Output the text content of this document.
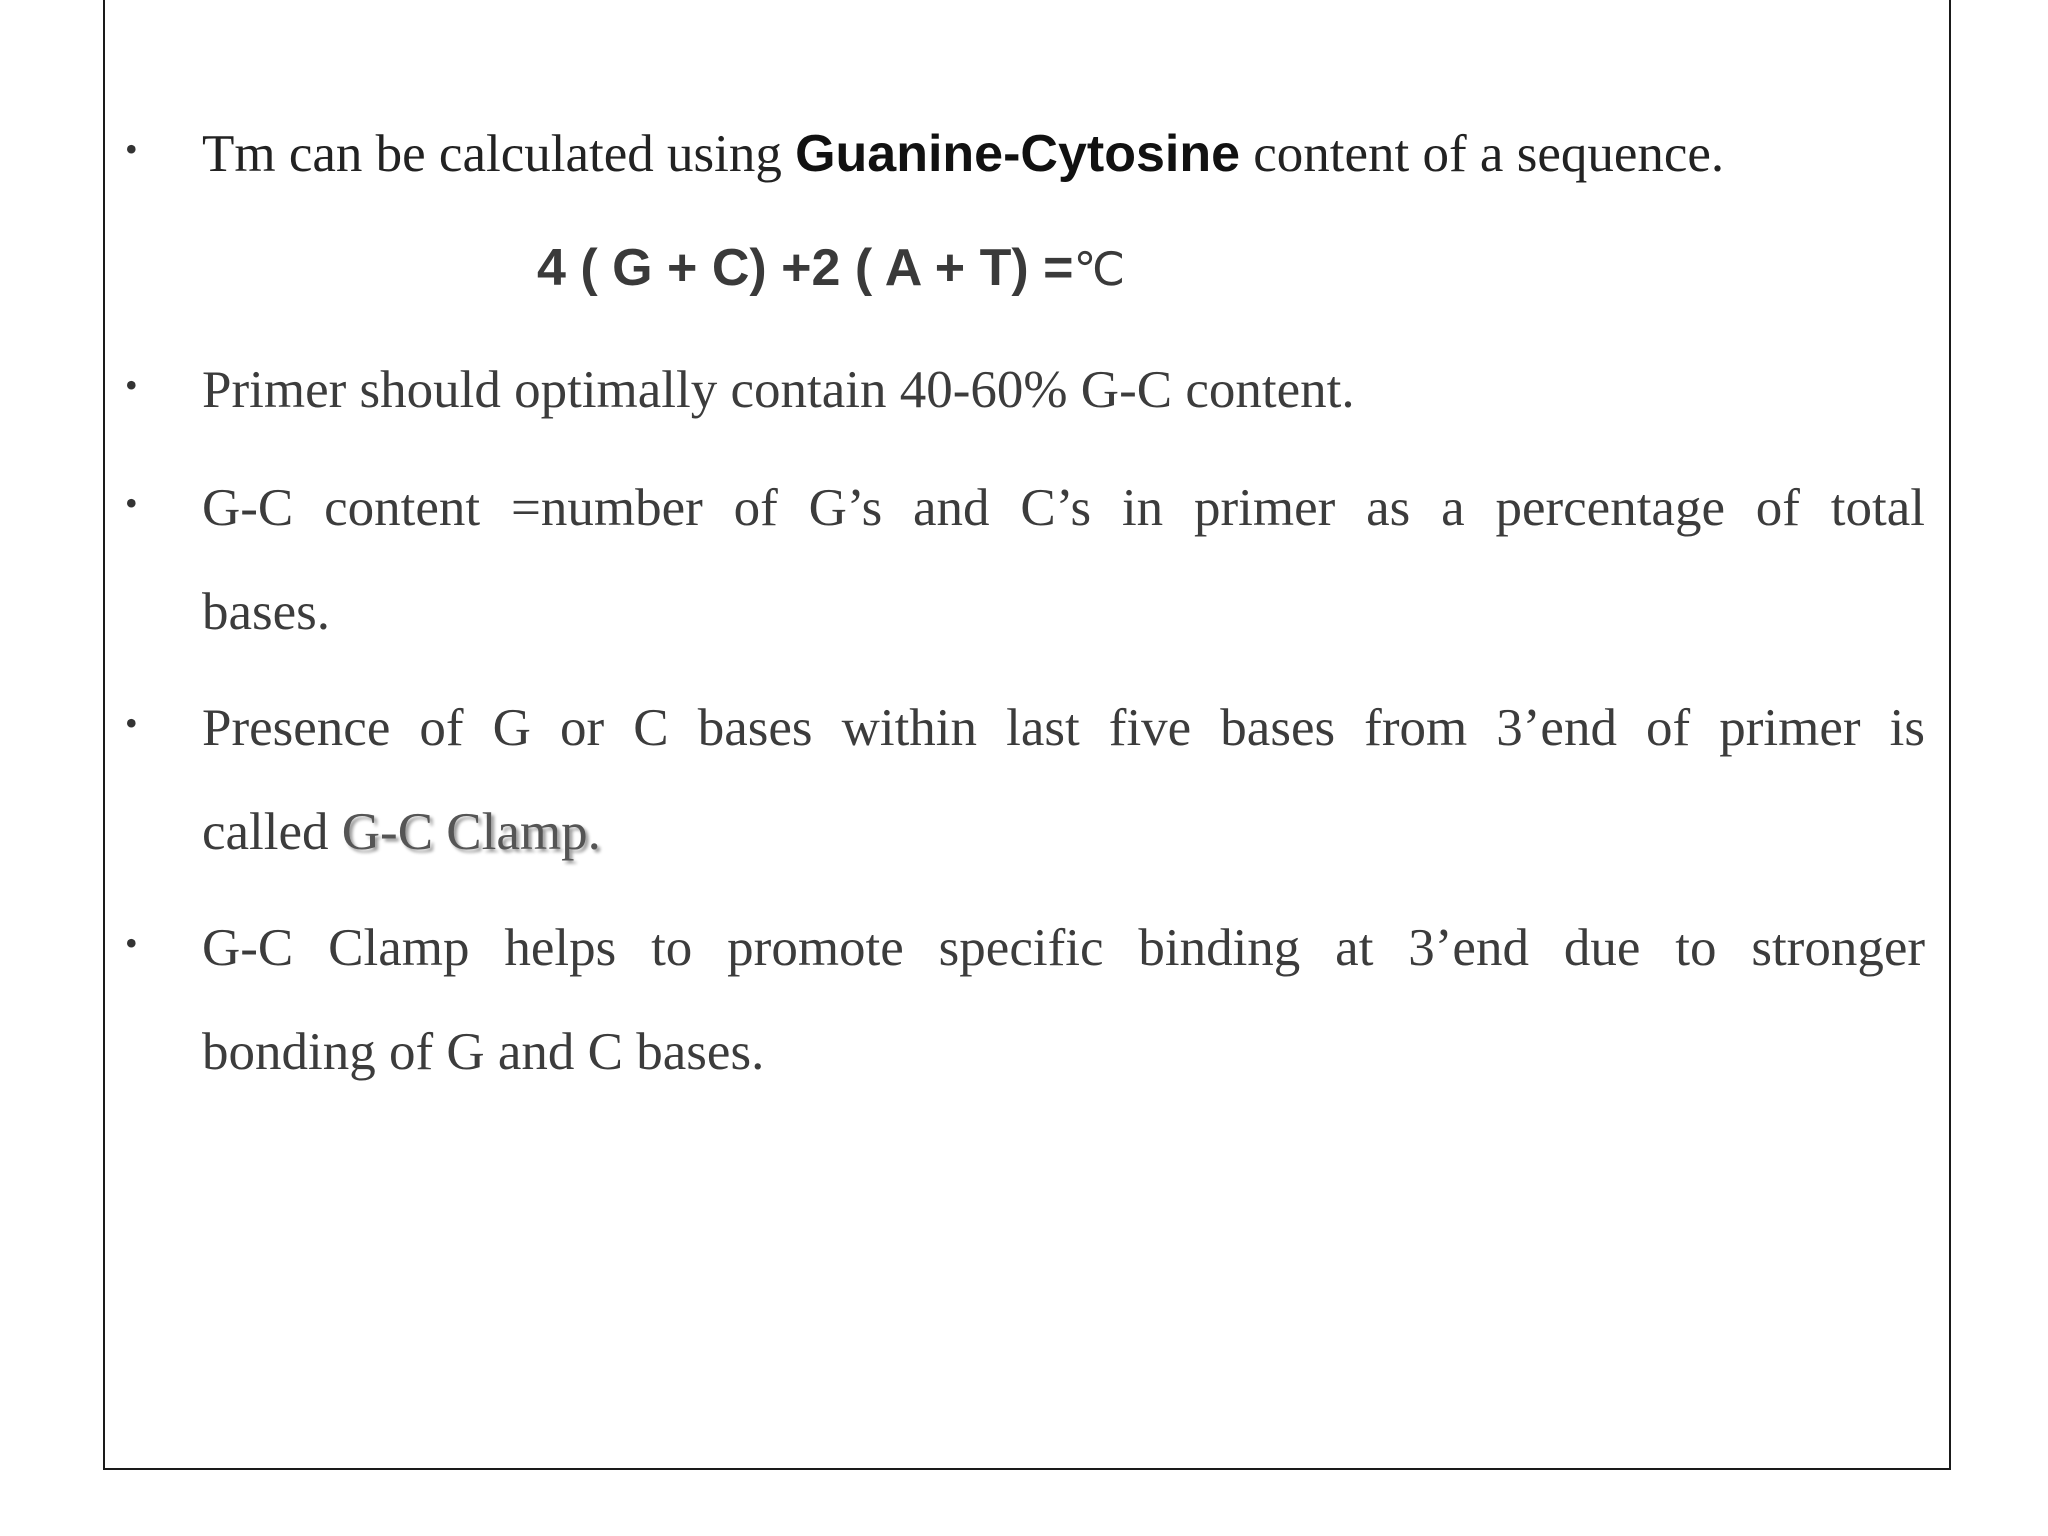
• Tm can be calculated using Guanine-Cytosine content of a sequence.
4 ( G + C) +2 ( A + T) =℃
• Primer should optimally contain 40-60% G-C content.
• G-C content =number of G’s and C’s in primer as a percentage of total
bases.
• Presence of G or C bases within last five bases from 3’end of primer is
called G-C Clamp.
• G-C Clamp helps to promote specific binding at 3’end due to stronger
bonding of G and C bases.
